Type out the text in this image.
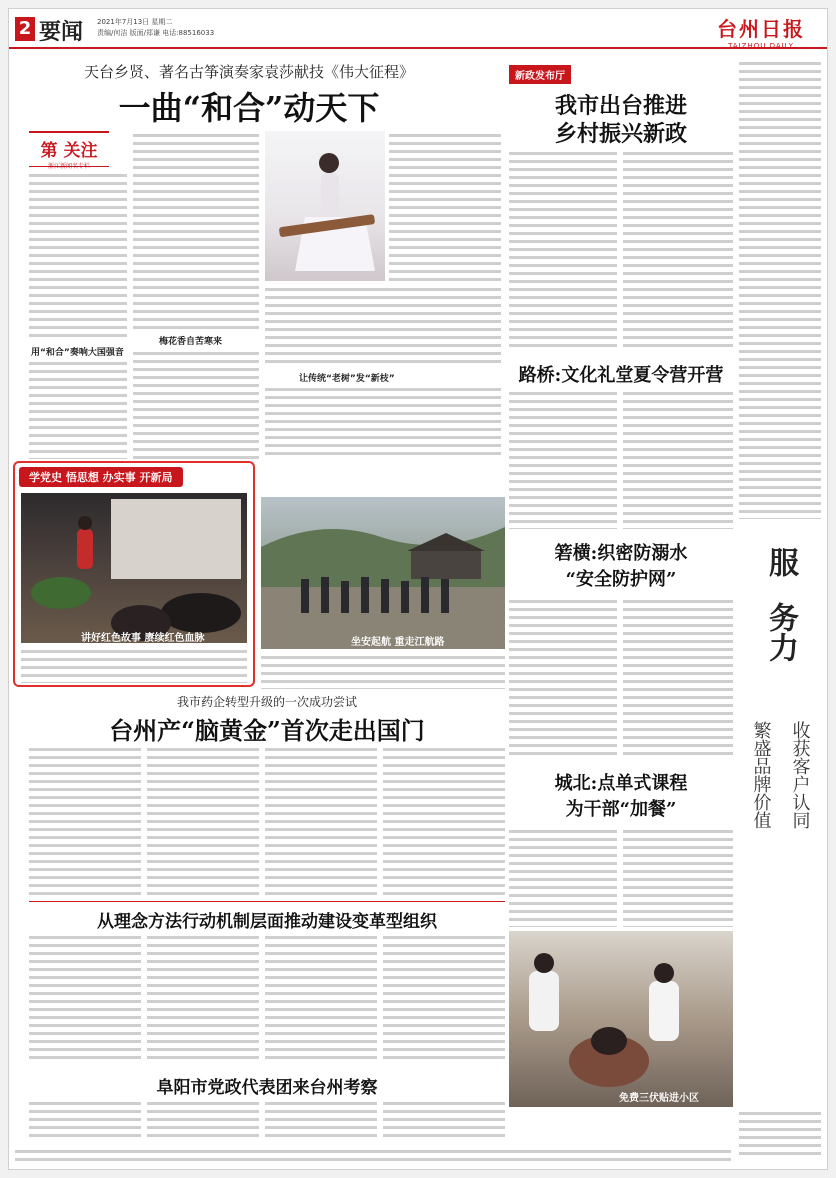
2 要闻 2021年7月13日 星期二
责编/何洁 版面/郑谦 电话:88516033	台州日报
TAIZHOU DAILY
天台乡贤、著名古筝演奏家袁莎献技《伟大征程》
一曲“和合”动天下
第 关注
浙江新闻名专栏
用“和合”奏响大国强音
梅花香自苦寒来
让传统“老树”发“新枝”
新政发布厅
我市出台推进
乡村振兴新政
路桥:文化礼堂夏令营开营
箬横:织密防溺水
“安全防护网”
学党史 悟思想 办实事 开新局
讲好红色故事 赓续红色血脉	坐安起航 重走江航路
我市药企转型升级的一次成功尝试
台州产“脑黄金”首次走出国门
城北:点单式课程
为干部“加餐”
免费三伏贴进小区
从理念方法行动机制层面推动建设变革型组织
阜阳市党政代表团来台州考察
服
务力
繁盛品牌价值 收获客户认同
